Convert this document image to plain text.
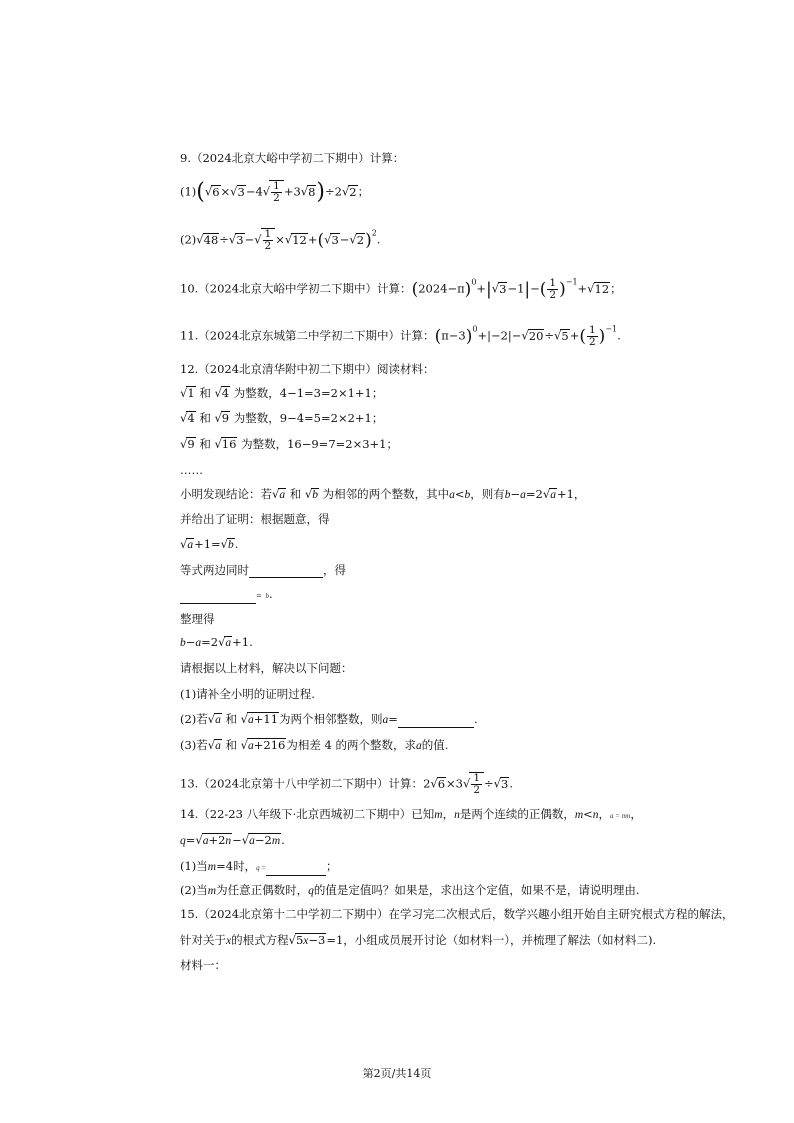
9.（2024北京大峪中学初二下期中）计算：
$(1)(√6\times√3-4√ \frac{1}{2} +3√8)\div 2√2$；
$(2)√48\div√3-√ \frac{1}{2} \times√12+(√3-√2)^2$.
10.（2024北京大峪中学初二下期中）计算：$(2024-\pi)^0+|√3-1|-( \frac{1}{2} )^{-1}+√12$；
11.（2024北京东城第二中学初二下期中）计算：$(\pi-3)^0+|-2|-√20\div√5+( \frac{1}{2} )^{-1}$.
12.（2024北京清华附中初二下期中）阅读材料：
√1 和 √4 为整数，4−1=3=2×1+1；
√4 和 √9 为整数，9−4=5=2×2+1；
√9 和 √16 为整数，16−9=7=2×3+1；
……
小明发现结论：若√a 和 √b 为相邻的两个整数，其中a<b，则有b−a=2√a+1，
并给出了证明：根据题意，得
√a+1=√b.
等式两边同时	，得
= b.
整理得
b−a=2√a+1.
请根据以上材料，解决以下问题：
(1)请补全小明的证明过程.
(2)若√a 和 √a+11为两个相邻整数，则a=	.
(3)若√a 和 √a+216为相差 4 的两个整数，求a的值.
13.（2024北京第十八中学初二下期中）计算：$2√6\times 3√ \frac{1}{2} \div√3$.
14.（22-23 八年级下·北京西城初二下期中）已知m，n是两个连续的正偶数，m<n，a = mn，
q=√a+2n−√a−2m.
(1)当m=4时，q =	；
(2)当m为任意正偶数时，q的值是定值吗？如果是，求出这个定值，如果不是，请说明理由.
15.（2024北京第十二中学初二下期中）在学习完二次根式后，数学兴趣小组开始自主研究根式方程的解法，
针对关于x的根式方程√5x−3=1，小组成员展开讨论（如材料一），并梳理了解法（如材料二).
材料一：
第2页/共14页
